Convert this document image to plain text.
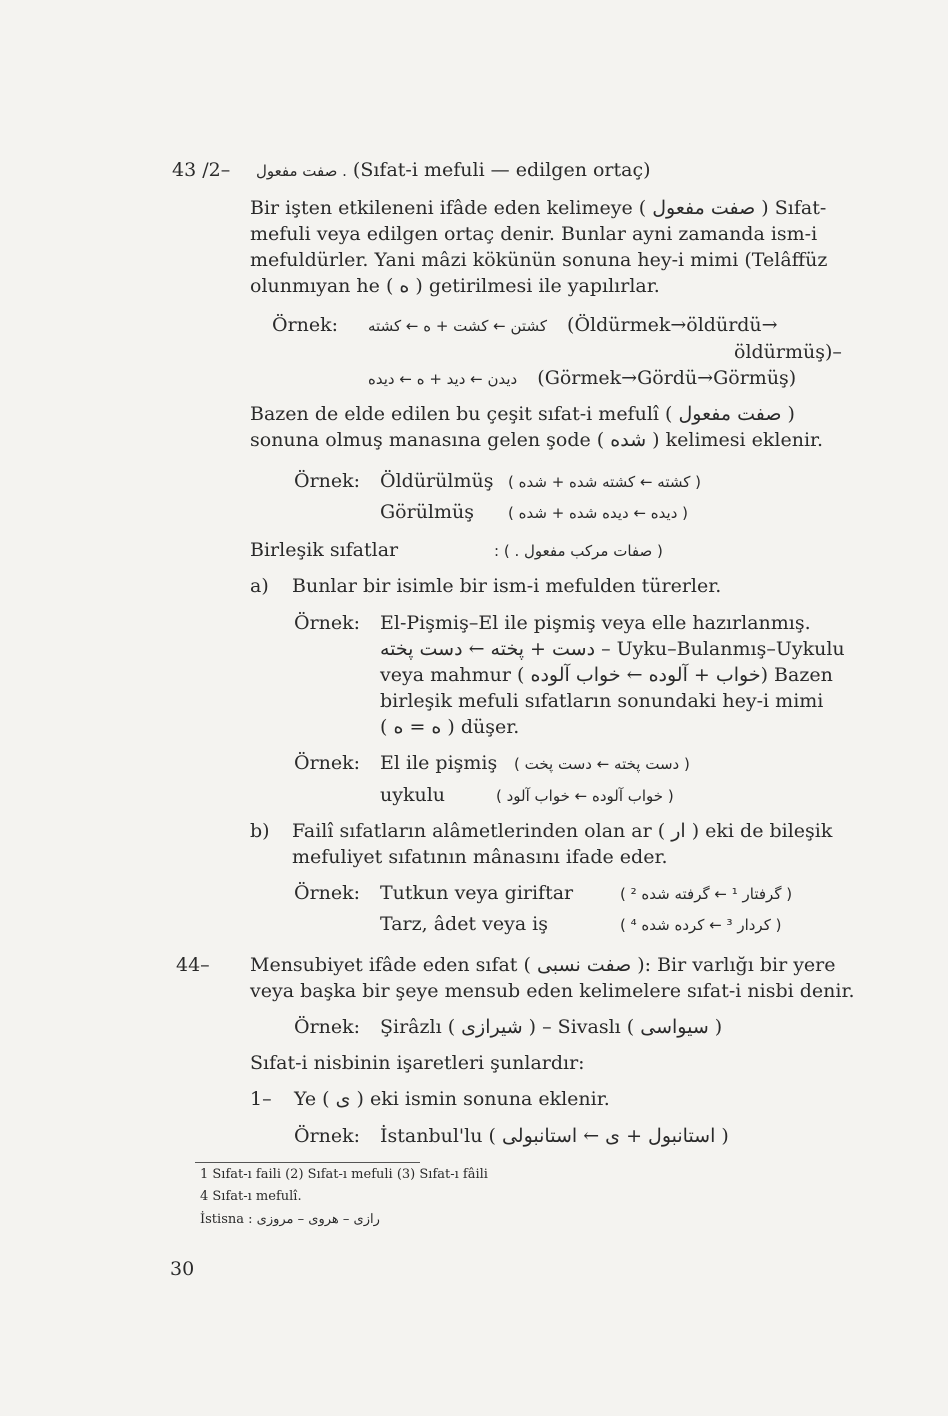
43 /2– . صفت مفعول (Sıfat-i mefuli — edilgen ortaç)
Bir işten etkileneni ifâde eden kelimeye ( صفت مفعول ) Sıfat-
mefuli veya edilgen ortaç denir. Bunlar ayni zamanda ism-i
mefuldürler. Yani mâzi kökünün sonuna hey-i mimi (Telâffüz
olunmıyan he ( ه ) getirilmesi ile yapılırlar.
Örnek: کشتن ← کشت + ه ← کشته (Öldürmek→öldürdü→
öldürmüş)–
دیدن ← دید + ه ← دیده (Görmek→Gördü→Görmüş)
Bazen de elde edilen bu çeşit sıfat-i mefulî ( صفت مفعول )
sonuna olmuş manasına gelen şode ( شده ) kelimesi eklenir.
Örnek: Öldürülmüş ( کشته ← کشته شده + شده )
Görülmüş ( دیده ← دیده شده + شده )
Birleşik sıfatlar	( صفات مرکب مفعول . ) :
a) Bunlar bir isimle bir ism-i mefulden türerler.
Örnek: El-Pişmiş–El ile pişmiş veya elle hazırlanmış.
دست + پخته ← دست پخته – Uyku–Bulanmış–Uykulu
veya mahmur ( خواب + آلوده ← خواب آلوده) Bazen
birleşik mefuli sıfatların sonundaki hey-i mimi
( ه = ه ) düşer.
Örnek: El ile pişmiş ( دست پخته ← دست پخت )
uykulu	( خواب آلوده ← خواب آلود )
b) Failî sıfatların alâmetlerinden olan ar ( ار ) eki de bileşik
mefuliyet sıfatının mânasını ifade eder.
Örnek: Tutkun veya giriftar	( گرفتار ¹ ← گرفته شده ² )
Tarz, âdet veya iş	( کردار ³ ← کرده شده ⁴ )
44– Mensubiyet ifâde eden sıfat ( صفت نسبی ): Bir varlığı bir yere
veya başka bir şeye mensub eden kelimelere sıfat-i nisbi denir.
Örnek: Şirâzlı ( شیرازی ) – Sivaslı ( سیواسی )
Sıfat-i nisbinin işaretleri şunlardır:
1– Ye ( ی ) eki ismin sonuna eklenir.
Örnek: İstanbul'lu ( استانبول + ی ← استانبولی )
1 Sıfat-ı faili (2) Sıfat-ı mefuli (3) Sıfat-ı fâili
4 Sıfat-ı mefulî.
İstisna : رازی – هروی – مروزی
30
